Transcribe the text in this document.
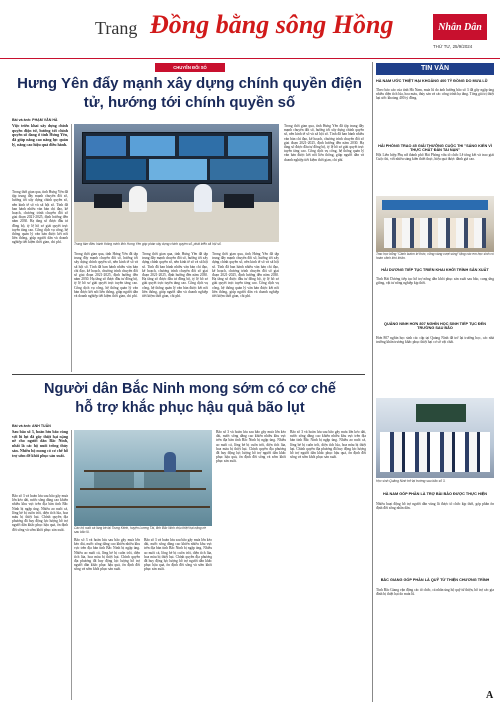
Trang Đồng bằng sông Hồng	Nhân Dân
THỨ TƯ, 25/9/2024
CHUYỂN ĐỔI SỐ
Hưng Yên đẩy mạnh xây dựng chính quyền điện tử, hướng tới chính quyền số
Bài và ảnh: PHẠM VĂN HÀ
Việc triển khai xây dựng chính quyền điện tử, hướng tới chính quyền số đang ở tỉnh Hưng Yên, đã giúp nâng cao năng lực quản lý, nâng cao hiệu quả điều hành.
Trong thời gian qua, tỉnh Hưng Yên đã tập trung đẩy mạnh chuyển đổi số, hướng tới xây dựng chính quyền số, nền kinh tế số và xã hội số. Tỉnh đã ban hành nhiều văn bản chỉ đạo, kế hoạch, chương trình chuyển đổi số giai đoạn 2021-2025, định hướng đến năm 2030. Hạ tầng số được đầu tư đồng bộ, tỷ lệ hồ sơ giải quyết trực tuyến tăng cao. Cổng dịch vụ công, hệ thống quản lý văn bản được kết nối liên thông, giúp người dân và doanh nghiệp tiết kiệm thời gian, chi phí.	Trung tâm điều hành thông minh tỉnh Hưng Yên góp phần xây dựng chính quyền số, phát triển xã hội số.
Trong thời gian qua, tỉnh Hưng Yên đã tập trung đẩy mạnh chuyển đổi số, hướng tới xây dựng chính quyền số, nền kinh tế số và xã hội số. Tỉnh đã ban hành nhiều văn bản chỉ đạo, kế hoạch, chương trình chuyển đổi số giai đoạn 2021-2025, định hướng đến năm 2030. Hạ tầng số được đầu tư đồng bộ, tỷ lệ hồ sơ giải quyết trực tuyến tăng cao. Cổng dịch vụ công, hệ thống quản lý văn bản được kết nối liên thông, giúp người dân và doanh nghiệp tiết kiệm thời gian, chi phí.
Trong thời gian qua, tỉnh Hưng Yên đã tập trung đẩy mạnh chuyển đổi số, hướng tới xây dựng chính quyền số, nền kinh tế số và xã hội số. Tỉnh đã ban hành nhiều văn bản chỉ đạo, kế hoạch, chương trình chuyển đổi số giai đoạn 2021-2025, định hướng đến năm 2030. Hạ tầng số được đầu tư đồng bộ, tỷ lệ hồ sơ giải quyết trực tuyến tăng cao. Cổng dịch vụ công, hệ thống quản lý văn bản được kết nối liên thông, giúp người dân và doanh nghiệp tiết kiệm thời gian, chi phí.
Trong thời gian qua, tỉnh Hưng Yên đã tập trung đẩy mạnh chuyển đổi số, hướng tới xây dựng chính quyền số, nền kinh tế số và xã hội số. Tỉnh đã ban hành nhiều văn bản chỉ đạo, kế hoạch, chương trình chuyển đổi số giai đoạn 2021-2025, định hướng đến năm 2030. Hạ tầng số được đầu tư đồng bộ, tỷ lệ hồ sơ giải quyết trực tuyến tăng cao. Cổng dịch vụ công, hệ thống quản lý văn bản được kết nối liên thông, giúp người dân và doanh nghiệp tiết kiệm thời gian, chi phí.
Trong thời gian qua, tỉnh Hưng Yên đã tập trung đẩy mạnh chuyển đổi số, hướng tới xây dựng chính quyền số, nền kinh tế số và xã hội số. Tỉnh đã ban hành nhiều văn bản chỉ đạo, kế hoạch, chương trình chuyển đổi số giai đoạn 2021-2025, định hướng đến năm 2030. Hạ tầng số được đầu tư đồng bộ, tỷ lệ hồ sơ giải quyết trực tuyến tăng cao. Cổng dịch vụ công, hệ thống quản lý văn bản được kết nối liên thông, giúp người dân và doanh nghiệp tiết kiệm thời gian, chi phí.
Người dân Bắc Ninh mong sớm có cơ chế hỗ trợ khắc phục hậu quả bão lụt
Bài và ảnh: ANH TUẤN
Sau bão số 3, hoàn lưu bão cùng với lũ lụt đã gây thiệt hại nặng nề cho người dân Bắc Ninh, nhất là các hộ nuôi trồng thủy sản. Nhiều hộ mong có cơ chế hỗ trợ sớm để khôi phục sản xuất.
Bão số 3 và hoàn lưu sau bão gây mưa lớn kéo dài, nước sông dâng cao khiến nhiều khu vực trên địa bàn tỉnh Bắc Ninh bị ngập úng. Nhiều ao nuôi cá, lồng bè bị cuốn trôi, diện tích lúa, hoa màu bị thiệt hại. Chính quyền địa phương đã huy động lực lượng hỗ trợ người dân khắc phục hậu quả, ổn định đời sống và sớm khôi phục sản xuất.	Các hộ nuôi cá lồng bè tại Trung Kênh, huyện Lương Tài, tỉnh Bắc Ninh chịu thiệt hại nặng nề sau bão lũ.
Bão số 3 và hoàn lưu sau bão gây mưa lớn kéo dài, nước sông dâng cao khiến nhiều khu vực trên địa bàn tỉnh Bắc Ninh bị ngập úng. Nhiều ao nuôi cá, lồng bè bị cuốn trôi, diện tích lúa, hoa màu bị thiệt hại. Chính quyền địa phương đã huy động lực lượng hỗ trợ người dân khắc phục hậu quả, ổn định đời sống và sớm khôi phục sản xuất.
Bão số 3 và hoàn lưu sau bão gây mưa lớn kéo dài, nước sông dâng cao khiến nhiều khu vực trên địa bàn tỉnh Bắc Ninh bị ngập úng. Nhiều ao nuôi cá, lồng bè bị cuốn trôi, diện tích lúa, hoa màu bị thiệt hại. Chính quyền địa phương đã huy động lực lượng hỗ trợ người dân khắc phục hậu quả, ổn định đời sống và sớm khôi phục sản xuất.
Bão số 3 và hoàn lưu sau bão gây mưa lớn kéo dài, nước sông dâng cao khiến nhiều khu vực trên địa bàn tỉnh Bắc Ninh bị ngập úng. Nhiều ao nuôi cá, lồng bè bị cuốn trôi, diện tích lúa, hoa màu bị thiệt hại. Chính quyền địa phương đã huy động lực lượng hỗ trợ người dân khắc phục hậu quả, ổn định đời sống và sớm khôi phục sản xuất.
Bão số 3 và hoàn lưu sau bão gây mưa lớn kéo dài, nước sông dâng cao khiến nhiều khu vực trên địa bàn tỉnh Bắc Ninh bị ngập úng. Nhiều ao nuôi cá, lồng bè bị cuốn trôi, diện tích lúa, hoa màu bị thiệt hại. Chính quyền địa phương đã huy động lực lượng hỗ trợ người dân khắc phục hậu quả, ổn định đời sống và sớm khôi phục sản xuất.
TIN VĂN
HÀ NAM ƯỚC THIỆT HẠI KHOẢNG 400 TỶ ĐỒNG DO MƯA LŨ
Theo báo cáo của tỉnh Hà Nam, mưa lũ do ảnh hưởng bão số 3 đã gây ngập úng nhiều diện tích lúa, hoa màu, thủy sản và các công trình hạ tầng. Tổng giá trị thiệt hại ước khoảng 400 tỷ đồng.
HẢI PHÒNG TRAO 45 GIẢI THƯỞNG CUỘC THI "SÁNG KIẾN VÌ THỰC CHẤT ĐẢN TAI NẠN"
Hội Liên hiệp Phụ nữ thành phố Hải Phòng vừa tổ chức Lễ tổng kết và trao giải Cuộc thi, với nhiều sáng kiến thiết thực, hiệu quả được đánh giá cao.
Trao học bổng "Cánh buồm tri thức, vững vàng vượt sóng" tặng các em học sinh có hoàn cảnh khó khăn.
HẢI DƯƠNG TIẾP TỤC TRIỂN KHAI KHỞI TRÌNH SẢN XUẤT
Tỉnh Hải Dương tiếp tục hỗ trợ nông dân khôi phục sản xuất sau bão, cung ứng giống, vật tư nông nghiệp kịp thời.
QUẢNG NINH HƠN 807 NGHÌN HỌC SINH TIẾP TỤC ĐẾN TRƯỜNG SAU BÃO
Hơn 807 nghìn học sinh các cấp tại Quảng Ninh đã trở lại trường học, các nhà trường khẩn trương khắc phục thiệt hại cơ sở vật chất.
Học sinh Quảng Ninh trở lại trường sau bão số 3.
HÀ NAM GÓP PHẦN LÀ TRỢ BÀI BẢO ĐƯỢC THỰC HIỆN
Nhiều hoạt động hỗ trợ người dân vùng lũ được tổ chức kịp thời, góp phần ổn định đời sống nhân dân.
BẮC GIANG GÓP PHẦN LÀ QUỸ TỪ THIỆN CHƯƠNG TRÌNH
Tỉnh Bắc Giang vận động các tổ chức, cá nhân ủng hộ quỹ từ thiện, hỗ trợ các gia đình bị thiệt hại do mưa lũ.
A
